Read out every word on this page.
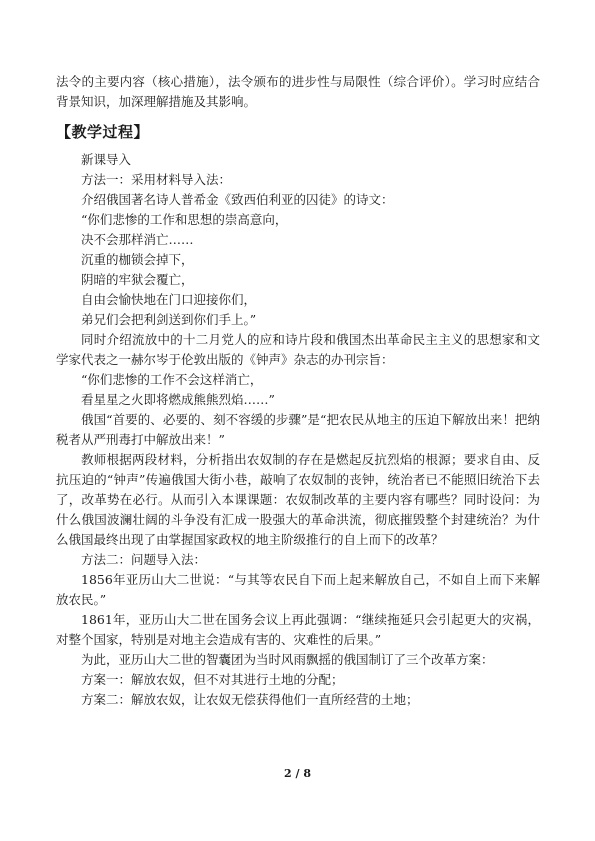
法令的主要内容（核心措施），法令颁布的进步性与局限性（综合评价）。学习时应结合背景知识，加深理解措施及其影响。

【教学过程】

新课导入

方法一：采用材料导入法：

介绍俄国著名诗人普希金《致西伯利亚的囚徒》的诗文：

“你们悲惨的工作和思想的崇高意向，

决不会那样消亡……

沉重的枷锁会掉下，

阴暗的牢狱会覆亡，

自由会愉快地在门口迎接你们，

弟兄们会把利剑送到你们手上。”

同时介绍流放中的十二月党人的应和诗片段和俄国杰出革命民主主义的思想家和文学家代表之一赫尔岑于伦敦出版的《钟声》杂志的办刊宗旨：

“你们悲惨的工作不会这样消亡，

看星星之火即将燃成熊熊烈焰……”

俄国“首要的、必要的、刻不容缓的步骤”是“把农民从地主的压迫下解放出来！把纳税者从严刑毒打中解放出来！”

教师根据两段材料，分析指出农奴制的存在是燃起反抗烈焰的根源；要求自由、反抗压迫的“钟声”传遍俄国大街小巷，敲响了农奴制的丧钟，统治者已不能照旧统治下去了，改革势在必行。从而引入本课课题：农奴制改革的主要内容有哪些？同时设问：为什么俄国波澜壮阔的斗争没有汇成一股强大的革命洪流，彻底摧毁整个封建统治？为什么俄国最终出现了由掌握国家政权的地主阶级推行的自上而下的改革？

方法二：问题导入法：

1856年亚历山大二世说：“与其等农民自下而上起来解放自己，不如自上而下来解放农民。”

1861年，亚历山大二世在国务会议上再此强调：“继续拖延只会引起更大的灾祸，对整个国家，特别是对地主会造成有害的、灾难性的后果。”

为此，亚历山大二世的智囊团为当时风雨飘摇的俄国制订了三个改革方案：

方案一：解放农奴，但不对其进行土地的分配；

方案二：解放农奴，让农奴无偿获得他们一直所经营的土地；

2 / 8
